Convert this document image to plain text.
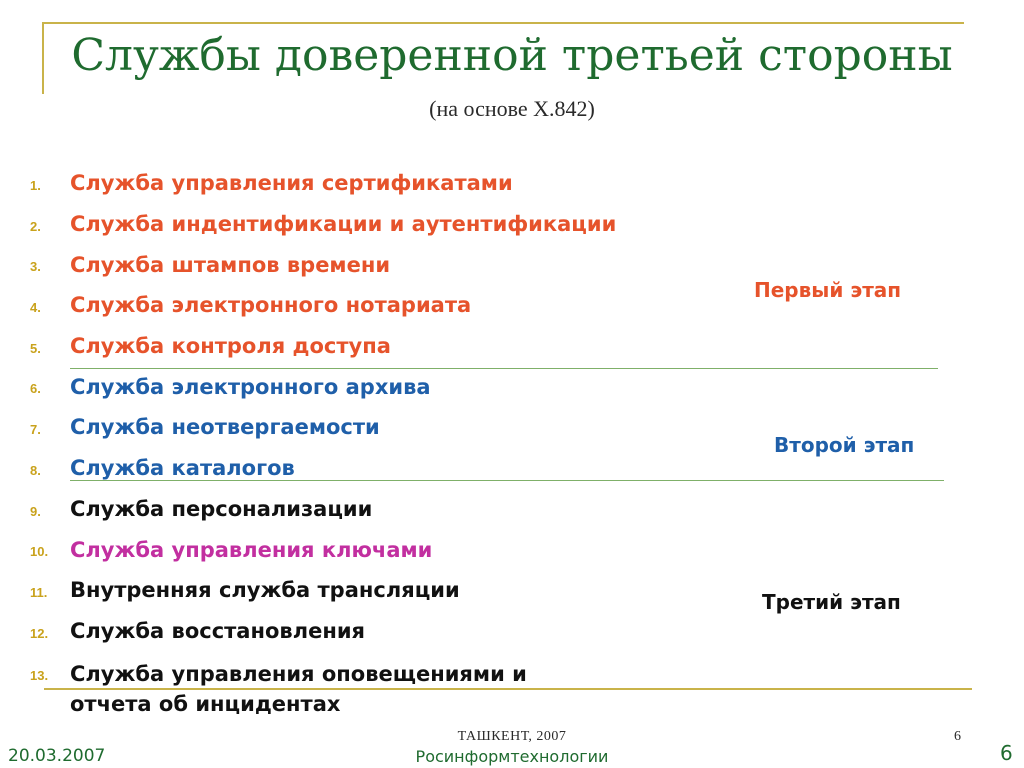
Службы доверенной третьей стороны
(на основе Х.842)
1.	Служба управления сертификатами
2.	Служба индентификации и аутентификации
3.	Служба штампов времени
4.	Служба электронного нотариата
5.	Служба контроля доступа
6.	Служба электронного архива
7.	Служба неотвергаемости
8.	Служба каталогов
9.	Служба персонализации
10.	Служба управления ключами
11.	Внутренняя служба трансляции
12.	Служба восстановления
13.	Служба управления оповещениями и
отчета об инцидентах
Первый этап
Второй этап
Третий этап
20.03.2007
ТАШКЕНТ, 2007
Росинформтехнологии
6
6
